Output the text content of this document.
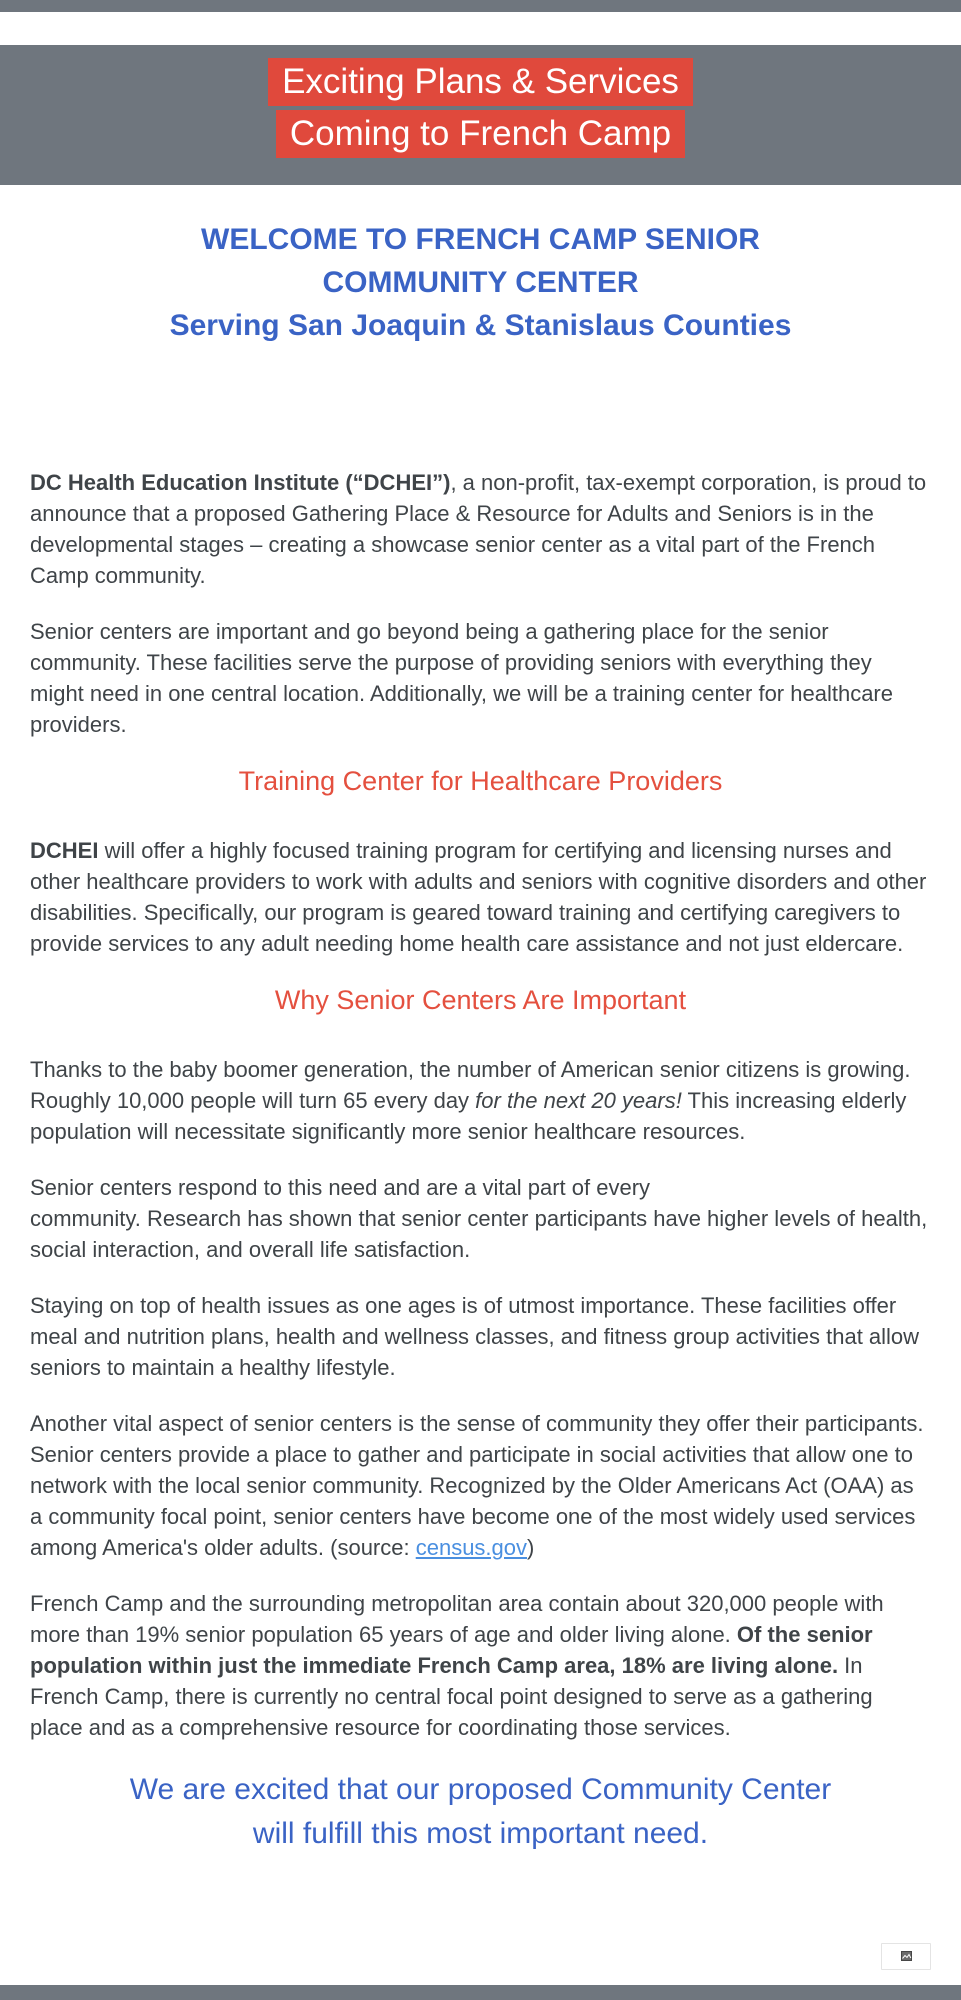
Exciting Plans & Services
Coming to French Camp
WELCOME TO FRENCH CAMP SENIOR
COMMUNITY CENTER
Serving San Joaquin & Stanislaus Counties

DC Health Education Institute (“DCHEI”), a non-profit, tax-exempt corporation, is proud to announce that a proposed Gathering Place & Resource for Adults and Seniors is in the developmental stages – creating a showcase senior center as a vital part of the French Camp community.

Senior centers are important and go beyond being a gathering place for the senior community. These facilities serve the purpose of providing seniors with everything they might need in one central location. Additionally, we will be a training center for healthcare providers.

Training Center for Healthcare Providers

DCHEI will offer a highly focused training program for certifying and licensing nurses and other healthcare providers to work with adults and seniors with cognitive disorders and other disabilities. Specifically, our program is geared toward training and certifying caregivers to provide services to any adult needing home health care assistance and not just eldercare.

Why Senior Centers Are Important

Thanks to the baby boomer generation, the number of American senior citizens is growing. Roughly 10,000 people will turn 65 every day for the next 20 years! This increasing elderly population will necessitate significantly more senior healthcare resources.

Senior centers respond to this need and are a vital part of every
community. Research has shown that senior center participants have higher levels of health, social interaction, and overall life satisfaction.

Staying on top of health issues as one ages is of utmost importance. These facilities offer meal and nutrition plans, health and wellness classes, and fitness group activities that allow seniors to maintain a healthy lifestyle.

Another vital aspect of senior centers is the sense of community they offer their participants. Senior centers provide a place to gather and participate in social activities that allow one to network with the local senior community. Recognized by the Older Americans Act (OAA) as a community focal point, senior centers have become one of the most widely used services among America's older adults. (source: census.gov)

French Camp and the surrounding metropolitan area contain about 320,000 people with more than 19% senior population 65 years of age and older living alone. Of the senior population within just the immediate French Camp area, 18% are living alone. In French Camp, there is currently no central focal point designed to serve as a gathering place and as a comprehensive resource for coordinating those services.

We are excited that our proposed Community Center
will fulfill this most important need.
